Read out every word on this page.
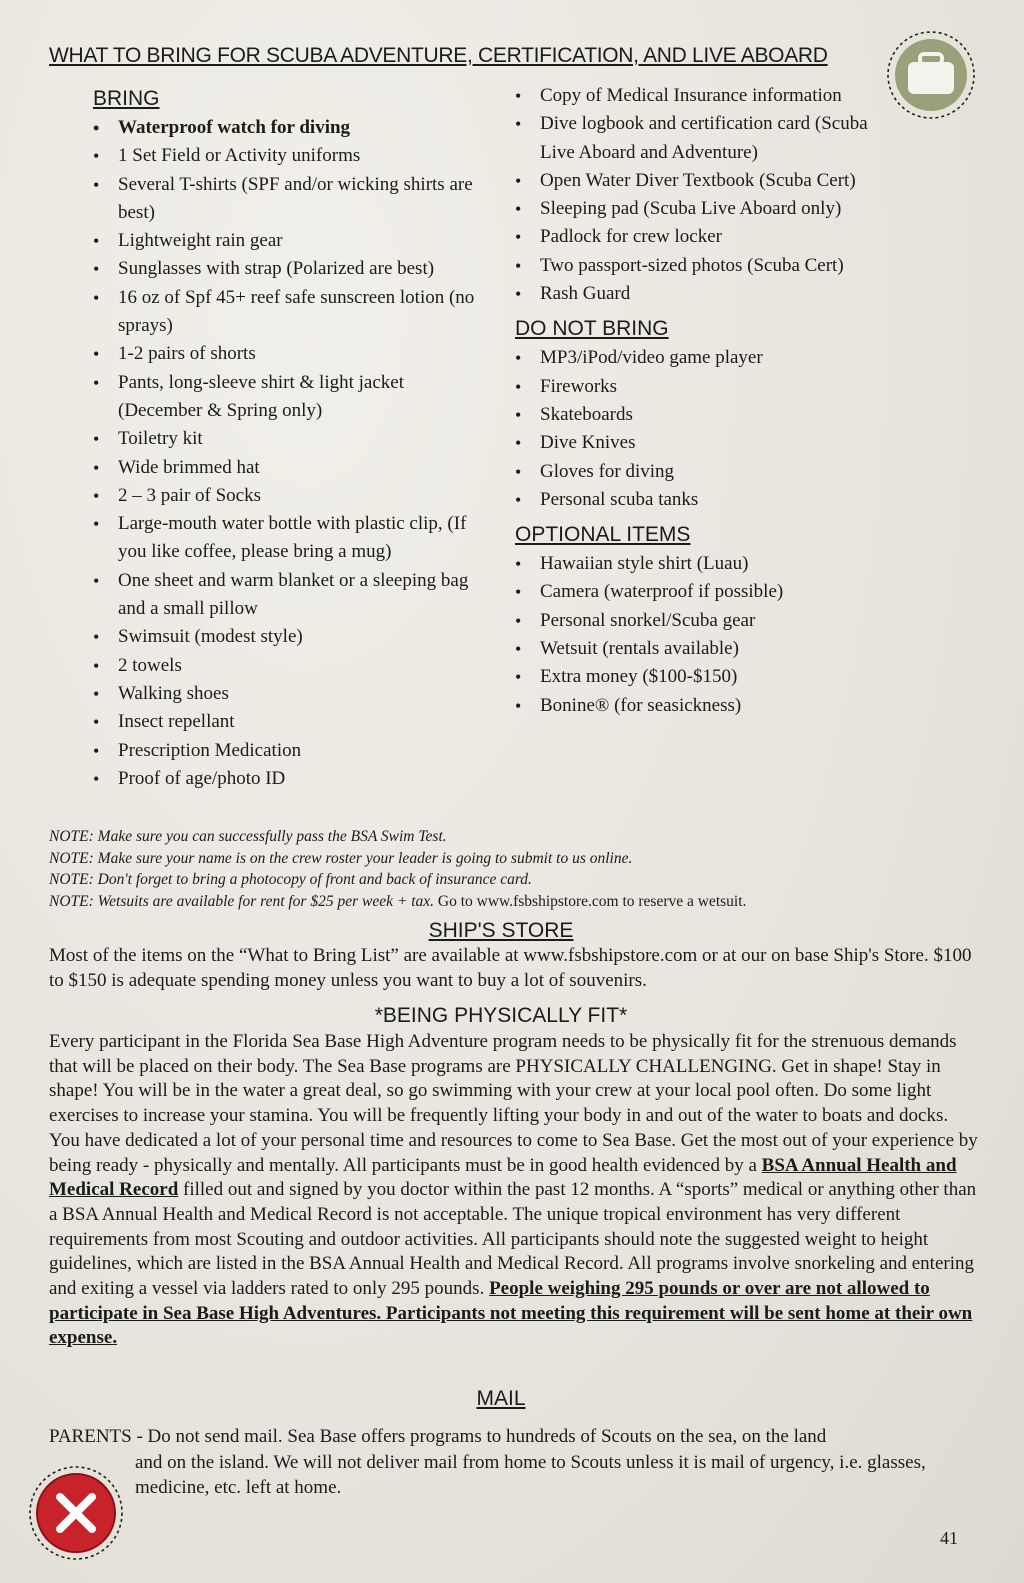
WHAT TO BRING FOR SCUBA ADVENTURE, CERTIFICATION, AND LIVE ABOARD
BRING
• Waterproof watch for diving
• 1 Set Field or Activity uniforms
• Several T-shirts (SPF and/or wicking shirts are best)
• Lightweight rain gear
• Sunglasses with strap (Polarized are best)
• 16 oz of Spf 45+ reef safe sunscreen lotion (no sprays)
• 1-2 pairs of shorts
• Pants, long-sleeve shirt & light jacket (December & Spring only)
• Toiletry kit
• Wide brimmed hat
• 2 – 3 pair of Socks
• Large-mouth water bottle with plastic clip, (If you like coffee, please bring a mug)
• One sheet and warm blanket or a sleeping bag and a small pillow
• Swimsuit (modest style)
• 2 towels
• Walking shoes
• Insect repellant
• Prescription Medication
• Proof of age/photo ID
• Copy of Medical Insurance information
• Dive logbook and certification card (Scuba Live Aboard and Adventure)
• Open Water Diver Textbook (Scuba Cert)
• Sleeping pad (Scuba Live Aboard only)
• Padlock for crew locker
• Two passport-sized photos (Scuba Cert)
• Rash Guard
DO NOT BRING
• MP3/iPod/video game player
• Fireworks
• Skateboards
• Dive Knives
• Gloves for diving
• Personal scuba tanks
OPTIONAL ITEMS
• Hawaiian style shirt (Luau)
• Camera (waterproof if possible)
• Personal snorkel/Scuba gear
• Wetsuit (rentals available)
• Extra money ($100-$150)
• Bonine® (for seasickness)
NOTE: Make sure you can successfully pass the BSA Swim Test.
NOTE: Make sure your name is on the crew roster your leader is going to submit to us online.
NOTE: Don't forget to bring a photocopy of front and back of insurance card.
NOTE: Wetsuits are available for rent for $25 per week + tax. Go to www.fsbshipstore.com to reserve a wetsuit.
SHIP'S STORE

Most of the items on the “What to Bring List” are available at www.fsbshipstore.com or at our on base Ship's Store. $100 to $150 is adequate spending money unless you want to buy a lot of souvenirs.

*BEING PHYSICALLY FIT*

Every participant in the Florida Sea Base High Adventure program needs to be physically fit for the strenuous demands that will be placed on their body. The Sea Base programs are PHYSICALLY CHALLENGING. Get in shape! Stay in shape! You will be in the water a great deal, so go swimming with your crew at your local pool often. Do some light exercises to increase your stamina. You will be frequently lifting your body in and out of the water to boats and docks. You have dedicated a lot of your personal time and resources to come to Sea Base. Get the most out of your experience by being ready - physically and mentally. All participants must be in good health evidenced by a BSA Annual Health and Medical Record filled out and signed by you doctor within the past 12 months. A “sports” medical or anything other than a BSA Annual Health and Medical Record is not acceptable. The unique tropical environment has very different requirements from most Scouting and outdoor activities. All participants should note the suggested weight to height guidelines, which are listed in the BSA Annual Health and Medical Record. All programs involve snorkeling and entering and exiting a vessel via ladders rated to only 295 pounds. People weighing 295 pounds or over are not allowed to participate in Sea Base High Adventures. Participants not meeting this requirement will be sent home at their own expense.

MAIL

PARENTS - Do not send mail. Sea Base offers programs to hundreds of Scouts on the sea, on the land

and on the island. We will not deliver mail from home to Scouts unless it is mail of urgency, i.e. glasses, medicine, etc. left at home.

41
